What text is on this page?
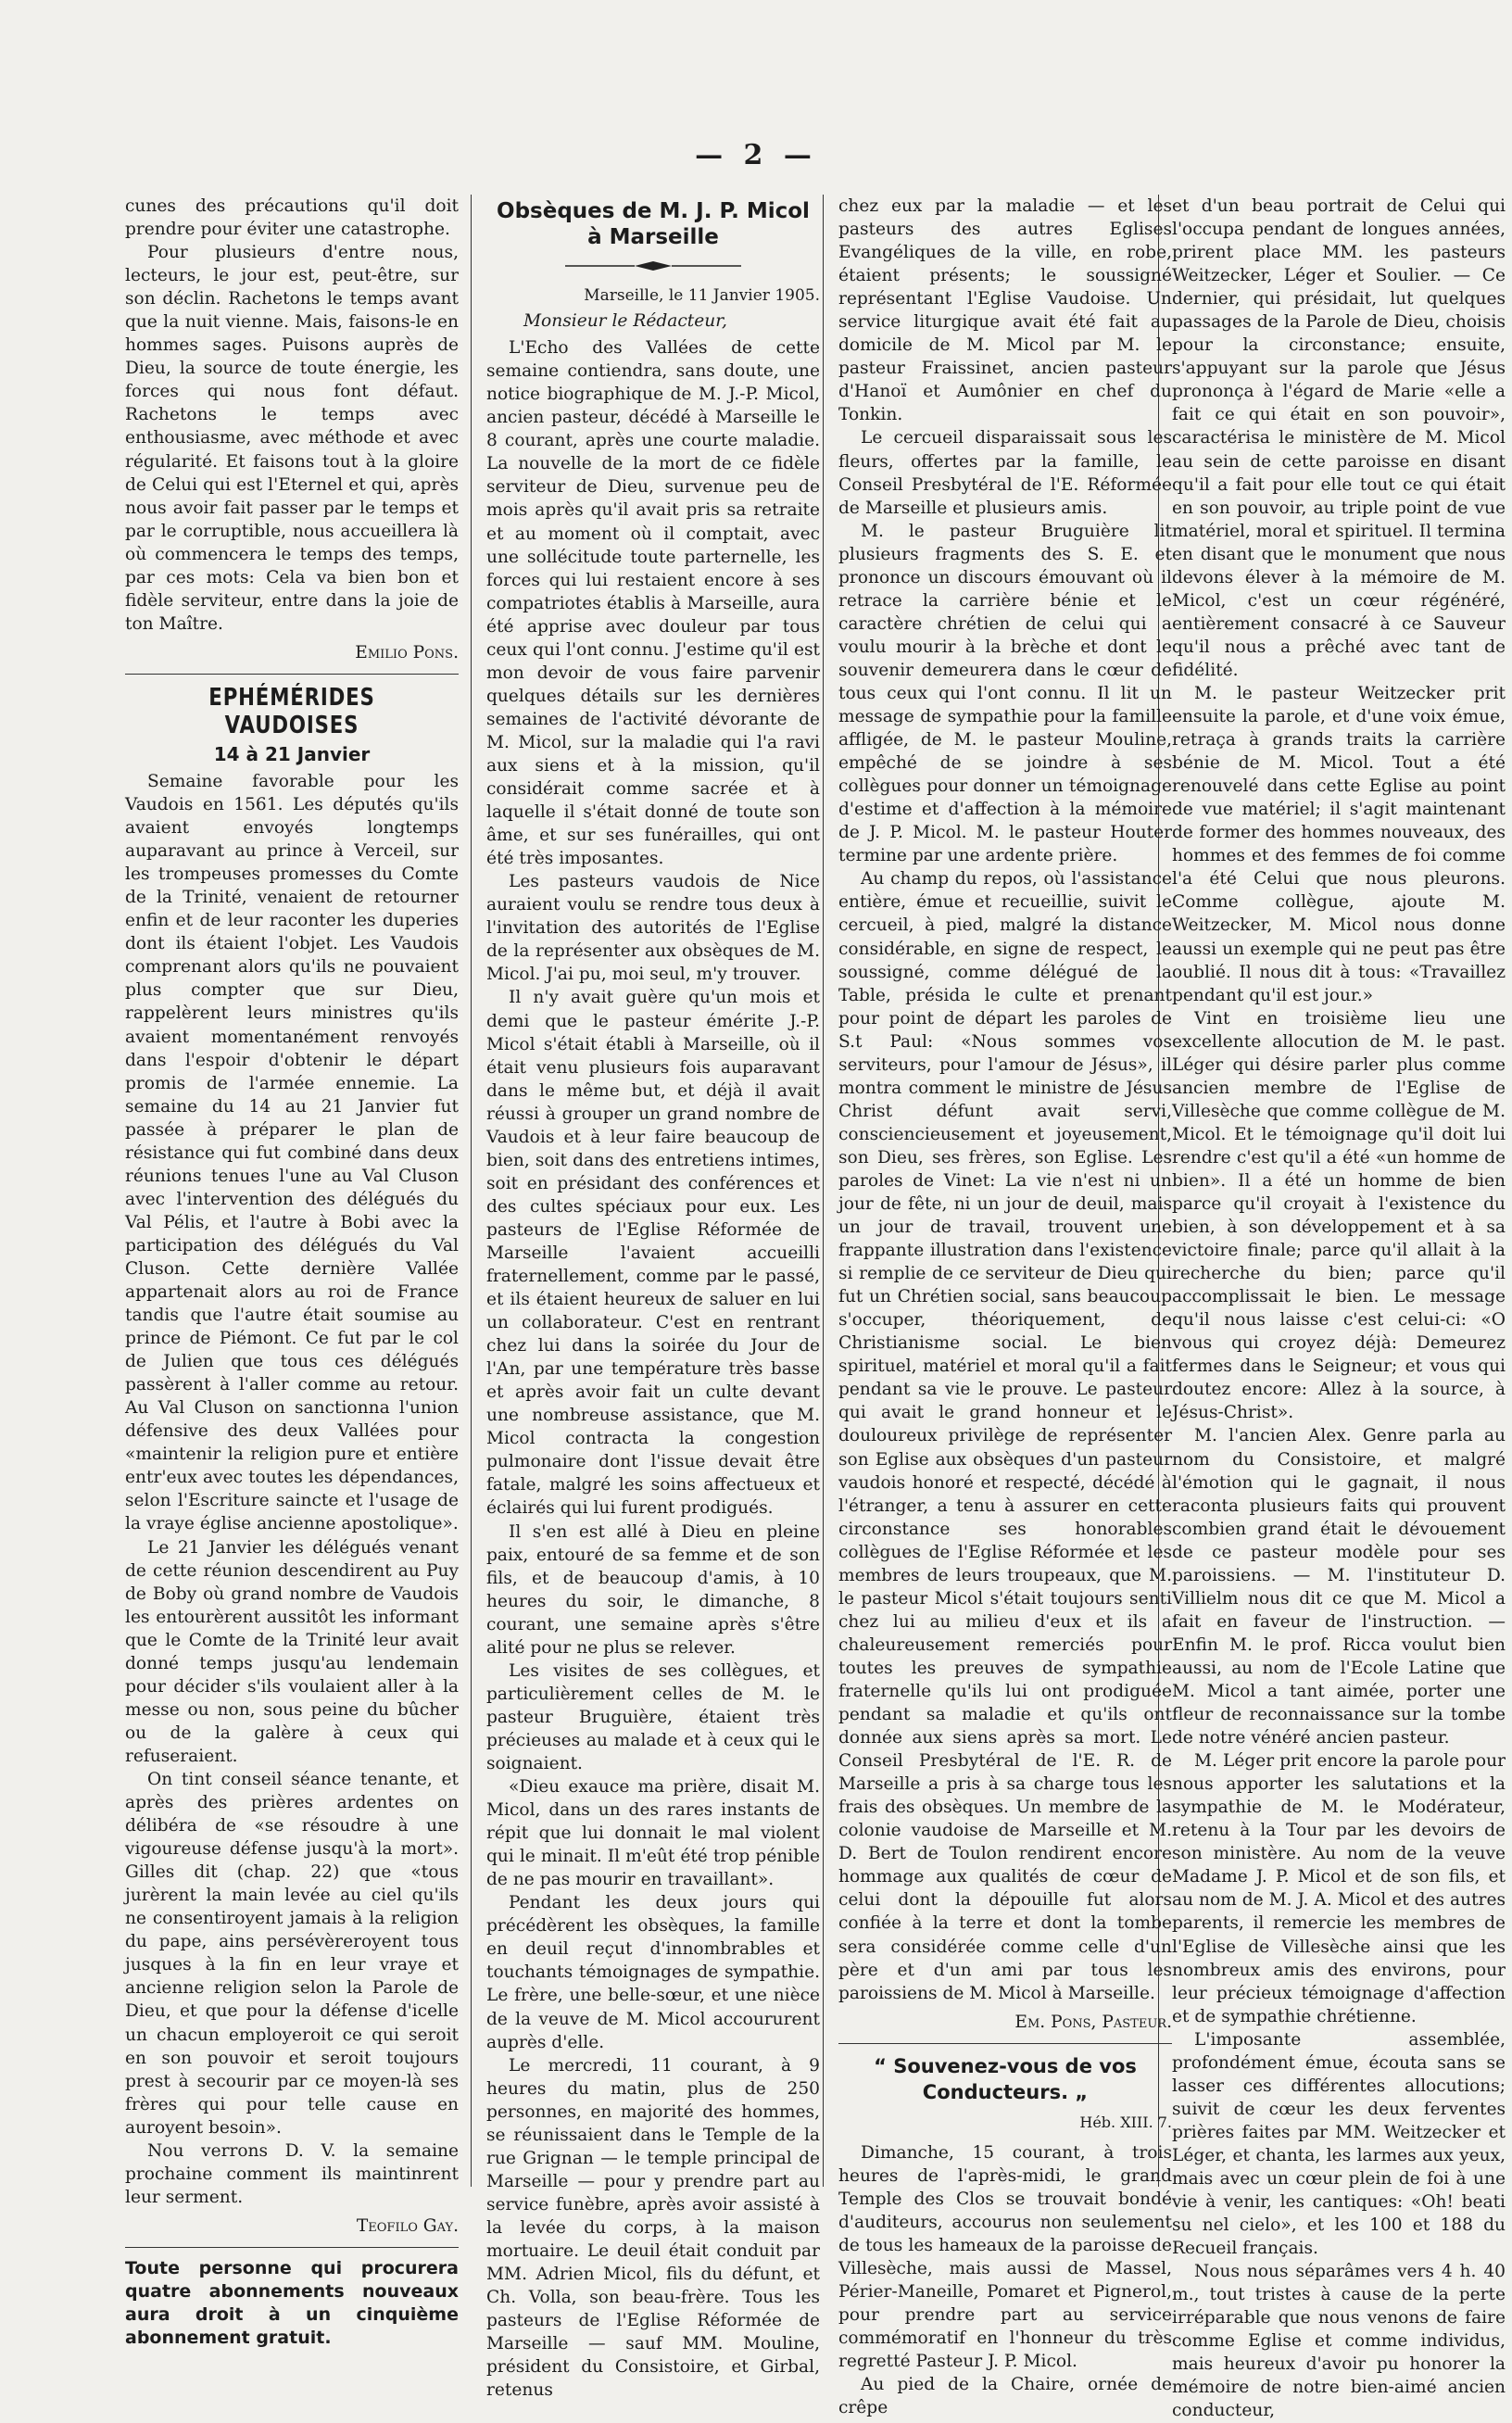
— 2 —

cunes des précautions qu'il doit prendre pour éviter une catastrophe.

Pour plusieurs d'entre nous, lecteurs, le jour est, peut-être, sur son déclin. Rachetons le temps avant que la nuit vienne. Mais, faisons-le en hommes sages. Puisons auprès de Dieu, la source de toute énergie, les forces qui nous font défaut. Rachetons le temps avec enthousiasme, avec méthode et avec régularité. Et faisons tout à la gloire de Celui qui est l'Eternel et qui, après nous avoir fait passer par le temps et par le corruptible, nous accueillera là où commencera le temps des temps, par ces mots: Cela va bien bon et fidèle serviteur, entre dans la joie de ton Maître.

Emilio Pons.
EPHÉMÉRIDES VAUDOISES
14 à 21 Janvier

Semaine favorable pour les Vaudois en 1561. Les députés qu'ils avaient envoyés longtemps auparavant au prince à Verceil, sur les trompeuses promesses du Comte de la Trinité, venaient de retourner enfin et de leur raconter les duperies dont ils étaient l'objet. Les Vaudois comprenant alors qu'ils ne pouvaient plus compter que sur Dieu, rappelèrent leurs ministres qu'ils avaient momentanément renvoyés dans l'espoir d'obtenir le départ promis de l'armée ennemie. La semaine du 14 au 21 Janvier fut passée à préparer le plan de résistance qui fut combiné dans deux réunions tenues l'une au Val Cluson avec l'intervention des délégués du Val Pélis, et l'autre à Bobi avec la participation des délégués du Val Cluson. Cette dernière Vallée appartenait alors au roi de France tandis que l'autre était soumise au prince de Piémont. Ce fut par le col de Julien que tous ces délégués passèrent à l'aller comme au retour. Au Val Cluson on sanctionna l'union défensive des deux Vallées pour «maintenir la religion pure et entière entr'eux avec toutes les dépendances, selon l'Escriture saincte et l'usage de la vraye église ancienne apostolique».

Le 21 Janvier les délégués venant de cette réunion descendirent au Puy de Boby où grand nombre de Vaudois les entourèrent aussitôt les informant que le Comte de la Trinité leur avait donné temps jusqu'au lendemain pour décider s'ils voulaient aller à la messe ou non, sous peine du bûcher ou de la galère à ceux qui refuseraient.

On tint conseil séance tenante, et après des prières ardentes on délibéra de «se résoudre à une vigoureuse défense jusqu'à la mort». Gilles dit (chap. 22) que «tous jurèrent la main levée au ciel qu'ils ne consentiroyent jamais à la religion du pape, ains persévèreroyent tous jusques à la fin en leur vraye et ancienne religion selon la Parole de Dieu, et que pour la défense d'icelle un chacun employeroit ce qui seroit en son pouvoir et seroit toujours prest à secourir par ce moyen-là ses frères qui pour telle cause en auroyent besoin».

Nou verrons D. V. la semaine prochaine comment ils maintinrent leur serment.

Teofilo Gay.

Toute personne qui procurera quatre abonnements nouveaux aura droit à un cinquième abonnement gratuit.

Obsèques de M. J. P. Micol à Marseille
Marseille, le 11 Janvier 1905.

Monsieur le Rédacteur,

L'Echo des Vallées de cette semaine contiendra, sans doute, une notice biographique de M. J.-P. Micol, ancien pasteur, décédé à Marseille le 8 courant, après une courte maladie. La nouvelle de la mort de ce fidèle serviteur de Dieu, survenue peu de mois après qu'il avait pris sa retraite et au moment où il comptait, avec une sollécitude toute parternelle, les forces qui lui restaient encore à ses compatriotes établis à Marseille, aura été apprise avec douleur par tous ceux qui l'ont connu. J'estime qu'il est mon devoir de vous faire parvenir quelques détails sur les dernières semaines de l'activité dévorante de M. Micol, sur la maladie qui l'a ravi aux siens et à la mission, qu'il considérait comme sacrée et à laquelle il s'était donné de toute son âme, et sur ses funérailles, qui ont été très imposantes.

Les pasteurs vaudois de Nice auraient voulu se rendre tous deux à l'invitation des autorités de l'Eglise de la représenter aux obsèques de M. Micol. J'ai pu, moi seul, m'y trouver.

Il n'y avait guère qu'un mois et demi que le pasteur émérite J.-P. Micol s'était établi à Marseille, où il était venu plusieurs fois auparavant dans le même but, et déjà il avait réussi à grouper un grand nombre de Vaudois et à leur faire beaucoup de bien, soit dans des entretiens intimes, soit en présidant des conférences et des cultes spéciaux pour eux. Les pasteurs de l'Eglise Réformée de Marseille l'avaient accueilli fraternellement, comme par le passé, et ils étaient heureux de saluer en lui un collaborateur. C'est en rentrant chez lui dans la soirée du Jour de l'An, par une température très basse et après avoir fait un culte devant une nombreuse assistance, que M. Micol contracta la congestion pulmonaire dont l'issue devait être fatale, malgré les soins affectueux et éclairés qui lui furent prodigués.

Il s'en est allé à Dieu en pleine paix, entouré de sa femme et de son fils, et de beaucoup d'amis, à 10 heures du soir, le dimanche, 8 courant, une semaine après s'être alité pour ne plus se relever.

Les visites de ses collègues, et particulièrement celles de M. le pasteur Bruguière, étaient très précieuses au malade et à ceux qui le soignaient.

«Dieu exauce ma prière, disait M. Micol, dans un des rares instants de répit que lui donnait le mal violent qui le minait. Il m'eût été trop pénible de ne pas mourir en travaillant».

Pendant les deux jours qui précédèrent les obsèques, la famille en deuil reçut d'innombrables et touchants témoignages de sympathie. Le frère, une belle-sœur, et une nièce de la veuve de M. Micol accoururent auprès d'elle.

Le mercredi, 11 courant, à 9 heures du matin, plus de 250 personnes, en majorité des hommes, se réunissaient dans le Temple de la rue Grignan — le temple principal de Marseille — pour y prendre part au service funèbre, après avoir assisté à la levée du corps, à la maison mortuaire. Le deuil était conduit par MM. Adrien Micol, fils du défunt, et Ch. Volla, son beau-frère. Tous les pasteurs de l'Eglise Réformée de Marseille — sauf MM. Mouline, président du Consistoire, et Girbal, retenus

chez eux par la maladie — et les pasteurs des autres Eglises Evangéliques de la ville, en robe, étaient présents; le soussigné représentant l'Eglise Vaudoise. Un service liturgique avait été fait au domicile de M. Micol par M. le pasteur Fraissinet, ancien pasteur d'Hanoï et Aumônier en chef du Tonkin.

Le cercueil disparaissait sous les fleurs, offertes par la famille, le Conseil Presbytéral de l'E. Réformée de Marseille et plusieurs amis.

M. le pasteur Bruguière lit plusieurs fragments des S. E. et prononce un discours émouvant où il retrace la carrière bénie et le caractère chrétien de celui qui a voulu mourir à la brèche et dont le souvenir demeurera dans le cœur de tous ceux qui l'ont connu. Il lit un message de sympathie pour la famille affligée, de M. le pasteur Mouline, empêché de se joindre à ses collègues pour donner un témoignage d'estime et d'affection à la mémoire de J. P. Micol. M. le pasteur Houter termine par une ardente prière.

Au champ du repos, où l'assistance entière, émue et recueillie, suivit le cercueil, à pied, malgré la distance considérable, en signe de respect, le soussigné, comme délégué de la Table, présida le culte et prenant pour point de départ les paroles de S.t Paul: «Nous sommes vos serviteurs, pour l'amour de Jésus», il montra comment le ministre de Jésus Christ défunt avait servi, consciencieusement et joyeusement, son Dieu, ses frères, son Eglise. Les paroles de Vinet: La vie n'est ni un jour de fête, ni un jour de deuil, mais un jour de travail, trouvent une frappante illustration dans l'existence si remplie de ce serviteur de Dieu qui fut un Chrétien social, sans beaucoup s'occuper, théoriquement, de Christianisme social. Le bien spirituel, matériel et moral qu'il a fait pendant sa vie le prouve. Le pasteur qui avait le grand honneur et le douloureux privilège de représenter son Eglise aux obsèques d'un pasteur vaudois honoré et respecté, décédé à l'étranger, a tenu à assurer en cette circonstance ses honorables collègues de l'Eglise Réformée et les membres de leurs troupeaux, que M. le pasteur Micol s'était toujours senti chez lui au milieu d'eux et ils a chaleureusement remerciés pour toutes les preuves de sympathie fraternelle qu'ils lui ont prodiguée pendant sa maladie et qu'ils ont donnée aux siens après sa mort. Le Conseil Presbytéral de l'E. R. de Marseille a pris à sa charge tous les frais des obsèques. Un membre de la colonie vaudoise de Marseille et M. D. Bert de Toulon rendirent encore hommage aux qualités de cœur de celui dont la dépouille fut alors confiée à la terre et dont la tombe sera considérée comme celle d'un père et d'un ami par tous les paroissiens de M. Micol à Marseille.

Em. Pons, Pasteur.
“ Souvenez-vous de vos Conducteurs. „
Héb. XIII. 7.

Dimanche, 15 courant, à trois heures de l'après-midi, le grand Temple des Clos se trouvait bondé d'auditeurs, accourus non seulement de tous les hameaux de la paroisse de Villesèche, mais aussi de Massel, Périer-Maneille, Pomaret et Pignerol, pour prendre part au service commémoratif en l'honneur du très regretté Pasteur J. P. Micol.

Au pied de la Chaire, ornée de crêpe

et d'un beau portrait de Celui qui l'occupa pendant de longues années, prirent place MM. les pasteurs Weitzecker, Léger et Soulier. — Ce dernier, qui présidait, lut quelques passages de la Parole de Dieu, choisis pour la circonstance; ensuite, s'appuyant sur la parole que Jésus prononça à l'égard de Marie «elle a fait ce qui était en son pouvoir», caractérisa le ministère de M. Micol au sein de cette paroisse en disant qu'il a fait pour elle tout ce qui était en son pouvoir, au triple point de vue matériel, moral et spirituel. Il termina en disant que le monument que nous devons élever à la mémoire de M. Micol, c'est un cœur régénéré, entièrement consacré à ce Sauveur qu'il nous a prêché avec tant de fidélité.

M. le pasteur Weitzecker prit ensuite la parole, et d'une voix émue, retraça à grands traits la carrière bénie de M. Micol. Tout a été renouvelé dans cette Eglise au point de vue matériel; il s'agit maintenant de former des hommes nouveaux, des hommes et des femmes de foi comme l'a été Celui que nous pleurons. Comme collègue, ajoute M. Weitzecker, M. Micol nous donne aussi un exemple qui ne peut pas être oublié. Il nous dit à tous: «Travaillez pendant qu'il est jour.»

Vint en troisième lieu une excellente allocution de M. le past. Léger qui désire parler plus comme ancien membre de l'Eglise de Villesèche que comme collègue de M. Micol. Et le témoignage qu'il doit lui rendre c'est qu'il a été «un homme de bien». Il a été un homme de bien parce qu'il croyait à l'existence du bien, à son développement et à sa victoire finale; parce qu'il allait à la recherche du bien; parce qu'il accomplissait le bien. Le message qu'il nous laisse c'est celui-ci: «O vous qui croyez déjà: Demeurez fermes dans le Seigneur; et vous qui doutez encore: Allez à la source, à Jésus-Christ».

M. l'ancien Alex. Genre parla au nom du Consistoire, et malgré l'émotion qui le gagnait, il nous raconta plusieurs faits qui prouvent combien grand était le dévouement de ce pasteur modèle pour ses paroissiens. — M. l'instituteur D. Villielm nous dit ce que M. Micol a fait en faveur de l'instruction. — Enfin M. le prof. Ricca voulut bien aussi, au nom de l'Ecole Latine que M. Micol a tant aimée, porter une fleur de reconnaissance sur la tombe de notre vénéré ancien pasteur.

M. Léger prit encore la parole pour nous apporter les salutations et la sympathie de M. le Modérateur, retenu à la Tour par les devoirs de son ministère. Au nom de la veuve Madame J. P. Micol et de son fils, et au nom de M. J. A. Micol et des autres parents, il remercie les membres de l'Eglise de Villesèche ainsi que les nombreux amis des environs, pour leur précieux témoignage d'affection et de sympathie chrétienne.

L'imposante assemblée, profondément émue, écouta sans se lasser ces différentes allocutions; suivit de cœur les deux ferventes prières faites par MM. Weitzecker et Léger, et chanta, les larmes aux yeux, mais avec un cœur plein de foi à une vie à venir, les cantiques: «Oh! beati su nel cielo», et les 100 et 188 du Recueil français.

Nous nous séparâmes vers 4 h. 40 m., tout tristes à cause de la perte irréparable que nous venons de faire comme Eglise et comme individus, mais heureux d'avoir pu honorer la mémoire de notre bien-aimé ancien conducteur,
